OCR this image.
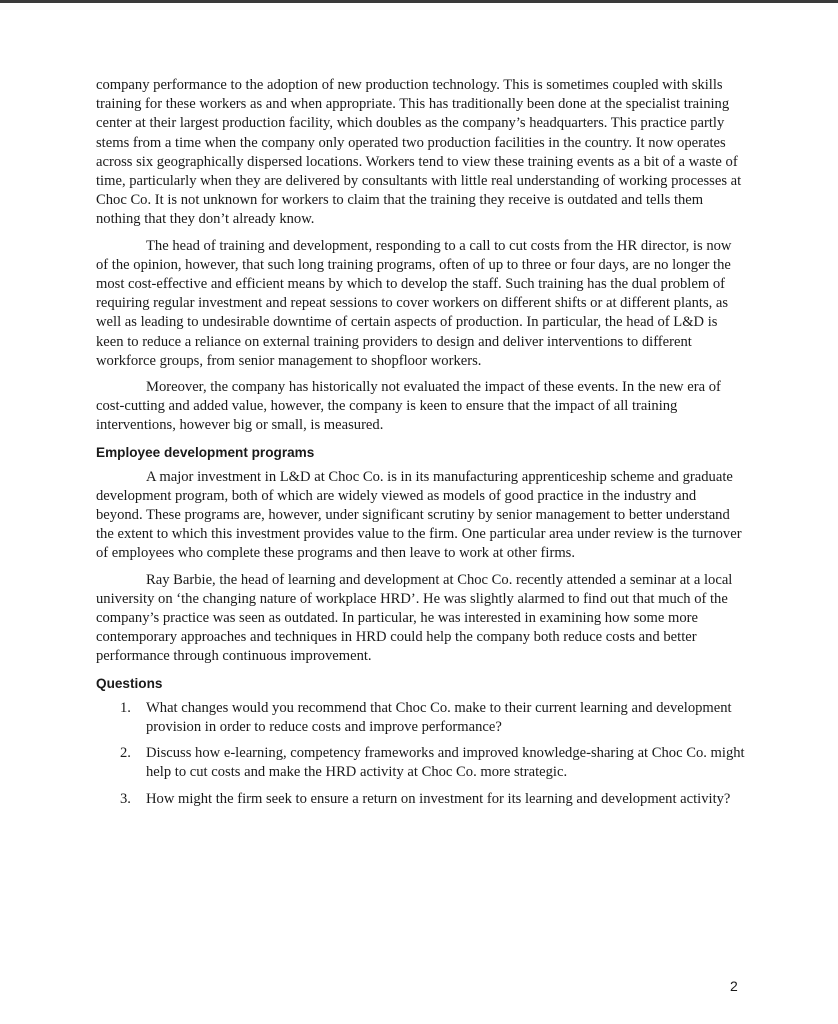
company performance to the adoption of new production technology. This is sometimes coupled with skills training for these workers as and when appropriate. This has traditionally been done at the specialist training center at their largest production facility, which doubles as the company’s headquarters. This practice partly stems from a time when the company only operated two production facilities in the country. It now operates across six geographically dispersed locations. Workers tend to view these training events as a bit of a waste of time, particularly when they are delivered by consultants with little real understanding of working processes at Choc Co. It is not unknown for workers to claim that the training they receive is outdated and tells them nothing that they don’t already know.

The head of training and development, responding to a call to cut costs from the HR director, is now of the opinion, however, that such long training programs, often of up to three or four days, are no longer the most cost-effective and efficient means by which to develop the staff. Such training has the dual problem of requiring regular investment and repeat sessions to cover workers on different shifts or at different plants, as well as leading to undesirable downtime of certain aspects of production. In particular, the head of L&D is keen to reduce a reliance on external training providers to design and deliver interventions to different workforce groups, from senior management to shopfloor workers.

Moreover, the company has historically not evaluated the impact of these events. In the new era of cost-cutting and added value, however, the company is keen to ensure that the impact of all training interventions, however big or small, is measured.

Employee development programs

A major investment in L&D at Choc Co. is in its manufacturing apprenticeship scheme and graduate development program, both of which are widely viewed as models of good practice in the industry and beyond. These programs are, however, under significant scrutiny by senior management to better understand the extent to which this investment provides value to the firm. One particular area under review is the turnover of employees who complete these programs and then leave to work at other firms.

Ray Barbie, the head of learning and development at Choc Co. recently attended a seminar at a local university on ‘the changing nature of workplace HRD’. He was slightly alarmed to find out that much of the company’s practice was seen as outdated. In particular, he was interested in examining how some more contemporary approaches and techniques in HRD could help the company both reduce costs and better performance through continuous improvement.

Questions
1. What changes would you recommend that Choc Co. make to their current learning and development provision in order to reduce costs and improve performance?
2. Discuss how e-learning, competency frameworks and improved knowledge-sharing at Choc Co. might help to cut costs and make the HRD activity at Choc Co. more strategic.
3. How might the firm seek to ensure a return on investment for its learning and development activity?
2
